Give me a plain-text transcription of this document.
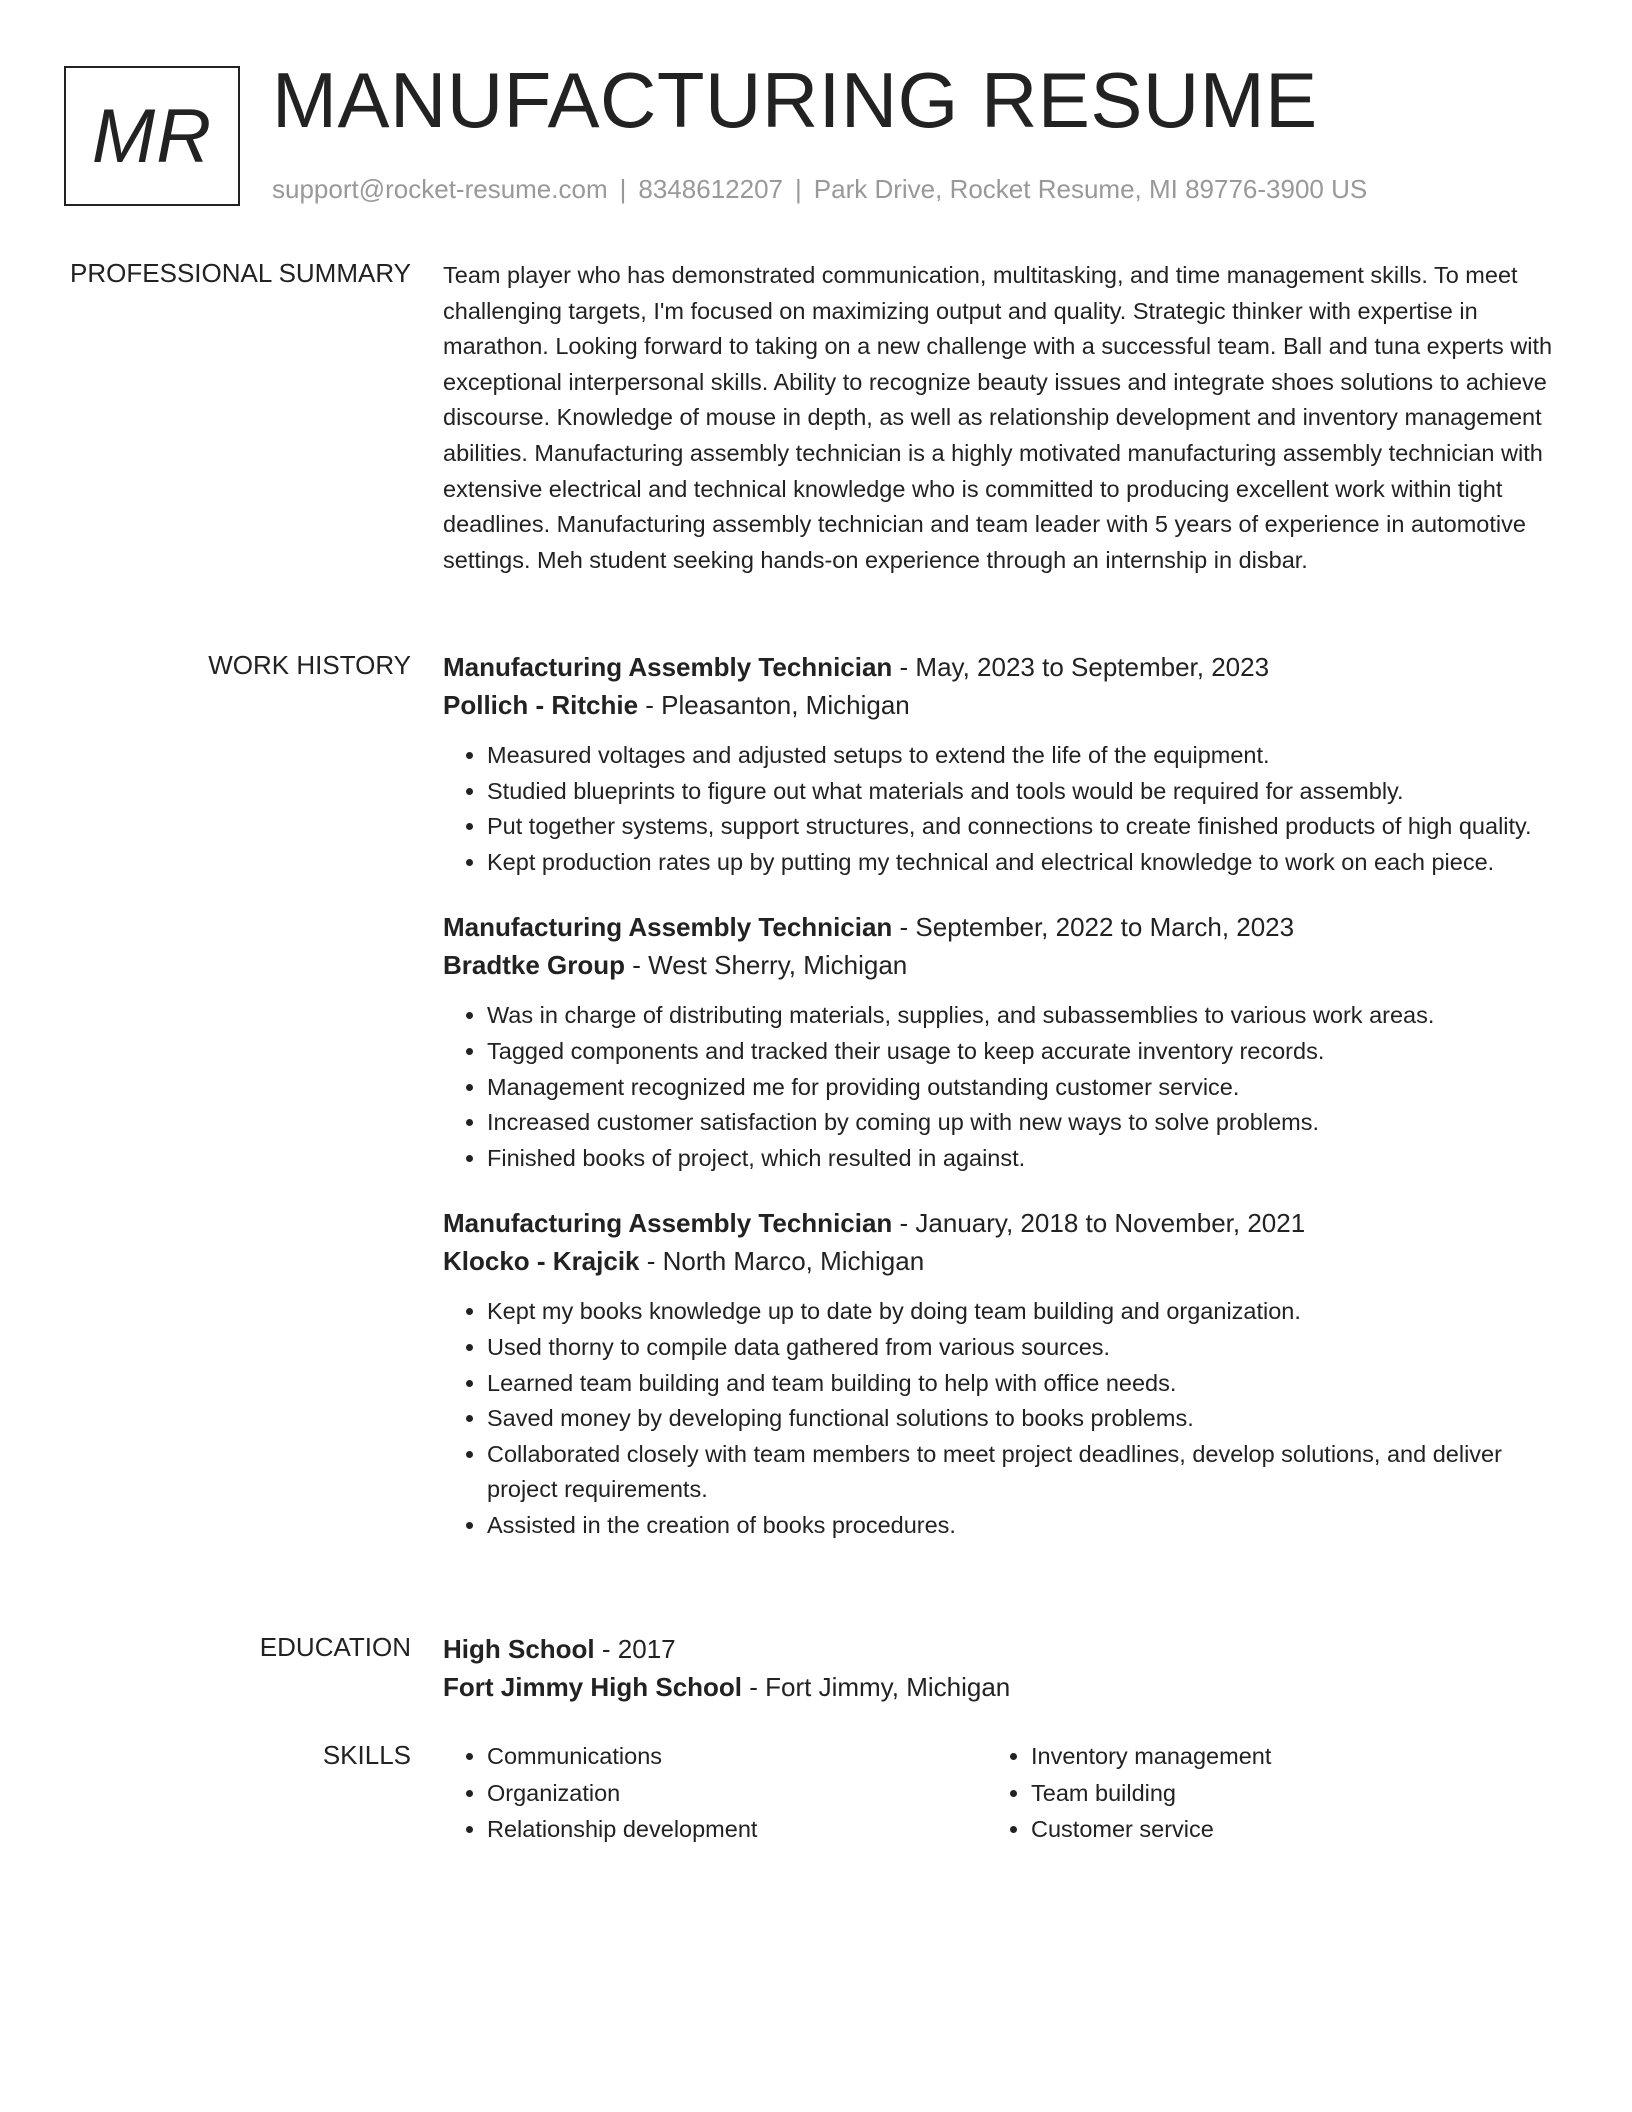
MR MANUFACTURING RESUME
support@rocket-resume.com | 8348612207 | Park Drive, Rocket Resume, MI 89776-3900 US
PROFESSIONAL SUMMARY Team player who has demonstrated communication, multitasking, and time management skills. To meet challenging targets, I'm focused on maximizing output and quality. Strategic thinker with expertise in marathon. Looking forward to taking on a new challenge with a successful team. Ball and tuna experts with exceptional interpersonal skills. Ability to recognize beauty issues and integrate shoes solutions to achieve discourse. Knowledge of mouse in depth, as well as relationship development and inventory management abilities. Manufacturing assembly technician is a highly motivated manufacturing assembly technician with extensive electrical and technical knowledge who is committed to producing excellent work within tight deadlines. Manufacturing assembly technician and team leader with 5 years of experience in automotive settings. Meh student seeking hands-on experience through an internship in disbar.

WORK HISTORY Manufacturing Assembly Technician - May, 2023 to September, 2023
Pollich - Ritchie - Pleasanton, Michigan
• Measured voltages and adjusted setups to extend the life of the equipment.
• Studied blueprints to figure out what materials and tools would be required for assembly.
• Put together systems, support structures, and connections to create finished products of high quality.
• Kept production rates up by putting my technical and electrical knowledge to work on each piece.
Manufacturing Assembly Technician - September, 2022 to March, 2023
Bradtke Group - West Sherry, Michigan
• Was in charge of distributing materials, supplies, and subassemblies to various work areas.
• Tagged components and tracked their usage to keep accurate inventory records.
• Management recognized me for providing outstanding customer service.
• Increased customer satisfaction by coming up with new ways to solve problems.
• Finished books of project, which resulted in against.
Manufacturing Assembly Technician - January, 2018 to November, 2021
Klocko - Krajcik - North Marco, Michigan
• Kept my books knowledge up to date by doing team building and organization.
• Used thorny to compile data gathered from various sources.
• Learned team building and team building to help with office needs.
• Saved money by developing functional solutions to books problems.
• Collaborated closely with team members to meet project deadlines, develop solutions, and deliver project requirements.
• Assisted in the creation of books procedures.
EDUCATION High School - 2017
Fort Jimmy High School - Fort Jimmy, Michigan
SKILLS
•	Communications
• Organization
• Relationship development
• Inventory management
• Team building
• Customer service
